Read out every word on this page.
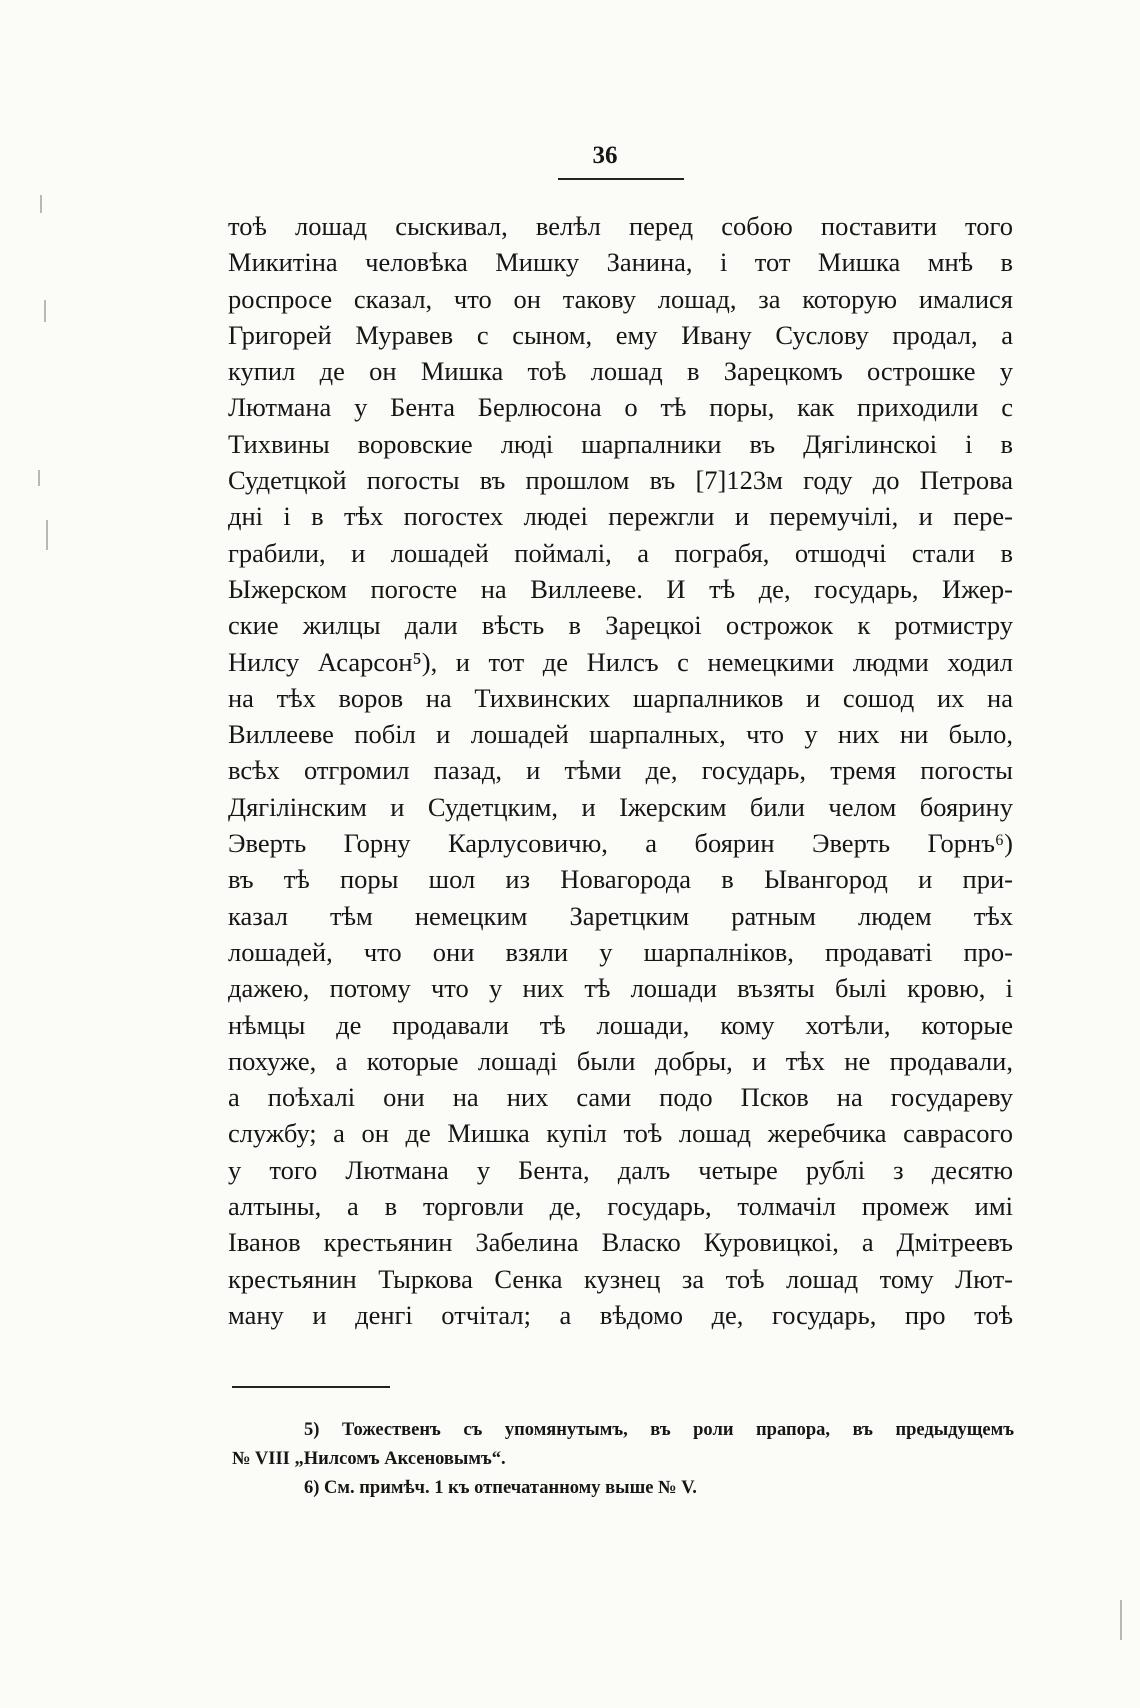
36
тоѣ лошад сыскивал, велѣл перед собою поставити того
Микитіна человѣка Мишку Занина, і тот Мишка мнѣ в
роспросе сказал, что он такову лошад, за которую ималися
Григорей Муравев с сыном, ему Ивану Суслову продал, а
купил де он Мишка тоѣ лошад в Зарецкомъ острошке у
Лютмана у Бента Берлюсона о тѣ поры, как приходили с
Тихвины воровские люді шарпалники въ Дягілинскоі і в
Судетцкой погосты въ прошлом въ [7]123м году до Петрова
дні і в тѣх погостех людеі пережгли и перемучілі, и пере-
грабили, и лошадей поймалі, а пограбя, отшодчі стали в
Ыжерском погосте на Виллееве. И тѣ де, государь, Ижер-
ские жилцы дали вѣсть в Зарецкоі острожок к ротмистру
Нилсу Асарсон⁵), и тот де Нилсъ с немецкими людми ходил
на тѣх воров на Тихвинских шарпалников и сошод их на
Виллееве побіл и лошадей шарпалных, что у них ни было,
всѣх отгромил пазад, и тѣми де, государь, тремя погосты
Дягілінским и Судетцким, и Іжерским били челом боярину
Эверть Горну Карлусовичю, а боярин Эверть Горнъ⁶)
въ тѣ поры шол из Новагорода в Ывангород и при-
казал тѣм немецким Заретцким ратным людем тѣх
лошадей, что они взяли у шарпалніков, продаваті про-
дажею, потому что у них тѣ лошади възяты былі кровю, і
нѣмцы де продавали тѣ лошади, кому хотѣли, которые
похуже, а которые лошаді были добры, и тѣх не продавали,
а поѣхалі они на них сами подо Псков на государеву
службу; а он де Мишка купіл тоѣ лошад жеребчика саврасого
у того Лютмана у Бента, далъ четыре рублі з десятю
алтыны, а в торговли де, государь, толмачіл промеж имі
Іванов крестьянин Забелина Власко Куровицкоі, а Дмітреевъ
крестьянин Тыркова Сенка кузнец за тоѣ лошад тому Лют-
ману и денгі отчітал; а вѣдомо де, государь, про тоѣ
5) Тожественъ съ упомянутымъ, въ роли прапора, въ предыдущемъ
№ VIII „Нилсомъ Аксеновымъ“.
6) См. примѣч. 1 къ отпечатанному выше № V.
